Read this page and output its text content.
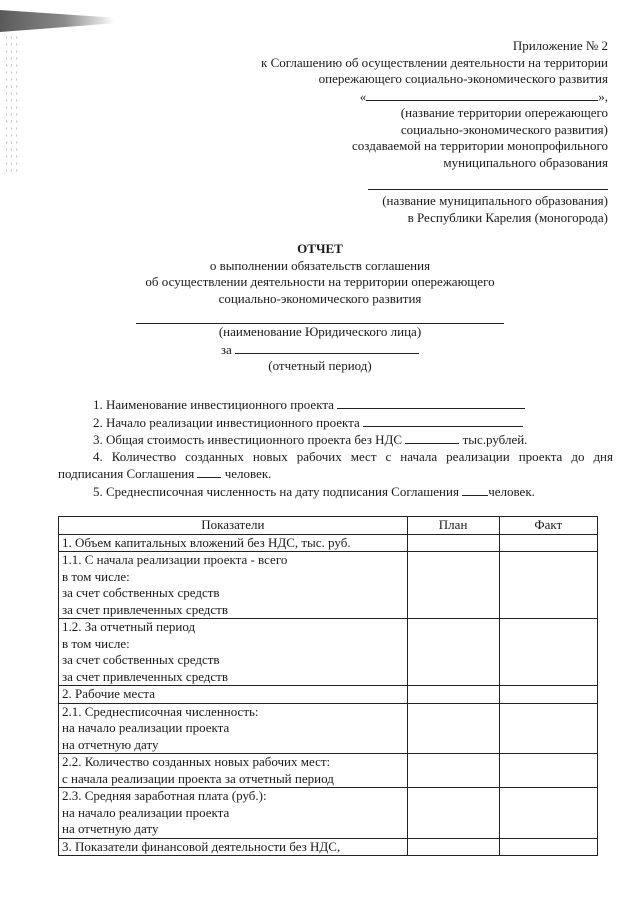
Приложение № 2
к Соглашению об осуществлении деятельности на территории
опережающего социально-экономического развития
«	»,
(название территории опережающего
социально-экономического развития)
создаваемой на территории монопрофильного
муниципального образования
(название муниципального образования)
в Республики Карелия (моногорода)
ОТЧЕТ
о выполнении обязательств соглашения
об осуществлении деятельности на территории опережающего
социально-экономического развития
(наименование Юридического лица)
за
(отчетный период)
1. Наименование инвестиционного проекта
2. Начало реализации инвестиционного проекта
3. Общая стоимость инвестиционного проекта без НДС	тыс.рублей.
4. Количество созданных новых рабочих мест с начала реализации проекта до дня подписания Соглашения человек.
5. Среднесписочная численность на дату подписания Соглашения человек.
Показатели	План	Факт

1. Объем капитальных вложений без НДС, тыс. руб.		

1.1. С начала реализации проекта - всего
в том числе:
за счет собственных средств
за счет привлеченных средств		

1.2. За отчетный период
в том числе:
за счет собственных средств
за счет привлеченных средств		

2. Рабочие места		

2.1. Среднесписочная численность:
на начало реализации проекта
на отчетную дату		

2.2. Количество созданных новых рабочих мест:
с начала реализации проекта за отчетный период		

2.3. Средняя заработная плата (руб.):
на начало реализации проекта
на отчетную дату		

3. Показатели финансовой деятельности без НДС,		
